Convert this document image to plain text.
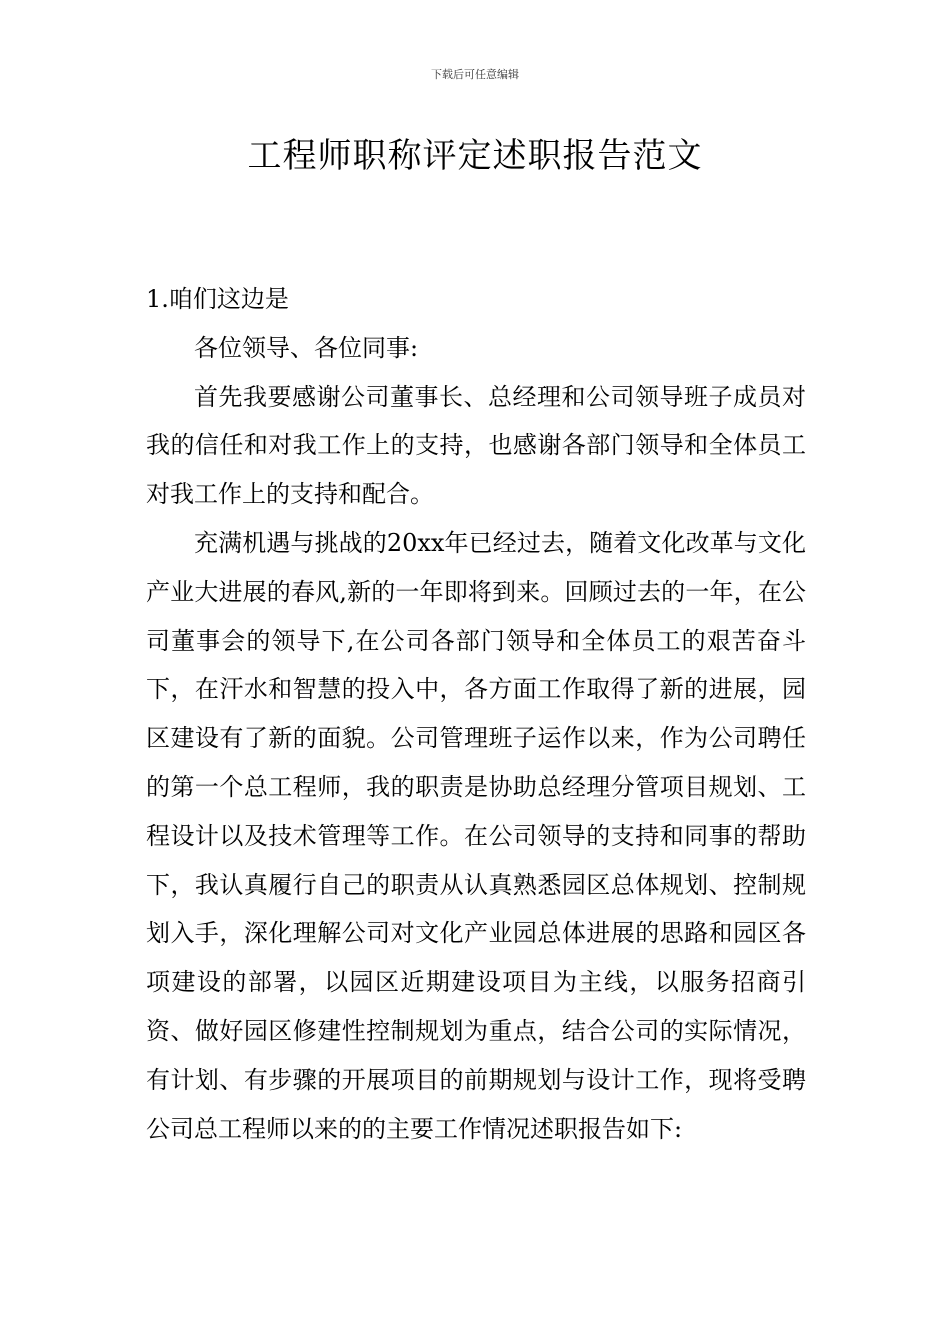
下载后可任意编辑
工程师职称评定述职报告范文

1.咱们这边是

各位领导、各位同事:

首先我要感谢公司董事长、总经理和公司领导班子成员对我的信任和对我工作上的支持，也感谢各部门领导和全体员工对我工作上的支持和配合。

充满机遇与挑战的20xx年已经过去，随着文化改革与文化产业大进展的春风,新的一年即将到来。回顾过去的一年，在公司董事会的领导下,在公司各部门领导和全体员工的艰苦奋斗下，在汗水和智慧的投入中，各方面工作取得了新的进展，园区建设有了新的面貌。公司管理班子运作以来，作为公司聘任的第一个总工程师，我的职责是协助总经理分管项目规划、工程设计以及技术管理等工作。在公司领导的支持和同事的帮助下，我认真履行自己的职责从认真熟悉园区总体规划、控制规划入手，深化理解公司对文化产业园总体进展的思路和园区各项建设的部署，以园区近期建设项目为主线，以服务招商引资、做好园区修建性控制规划为重点，结合公司的实际情况，有计划、有步骤的开展项目的前期规划与设计工作，现将受聘公司总工程师以来的的主要工作情况述职报告如下:
